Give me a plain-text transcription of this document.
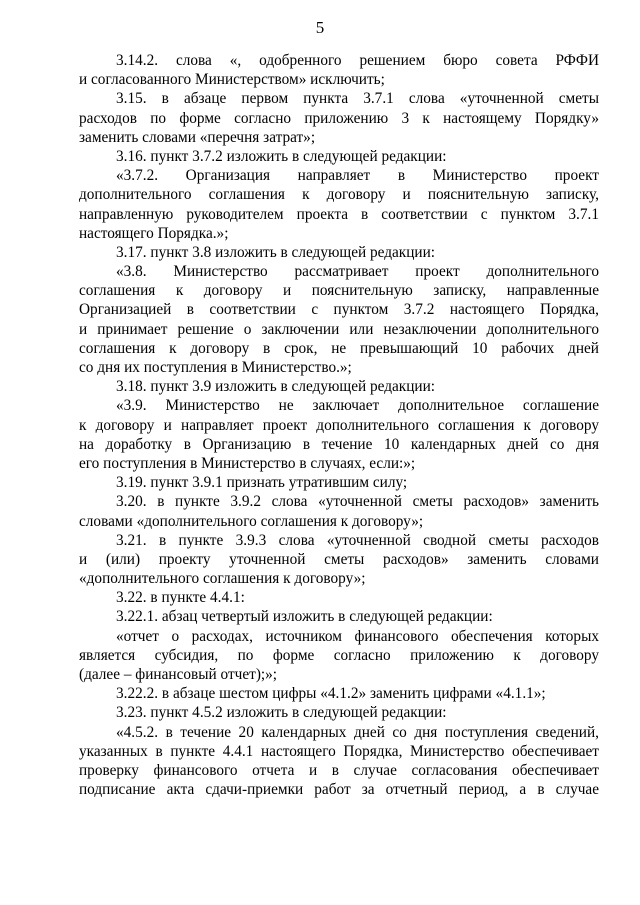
5
3.14.2. слова «, одобренного решением бюро совета РФФИ
и согласованного Министерством» исключить;
3.15. в абзаце первом пункта 3.7.1 слова «уточненной сметы
расходов по форме согласно приложению 3 к настоящему Порядку»
заменить словами «перечня затрат»;
3.16. пункт 3.7.2 изложить в следующей редакции:
«3.7.2. Организация направляет в Министерство проект
дополнительного соглашения к договору и пояснительную записку,
направленную руководителем проекта в соответствии с пунктом 3.7.1
настоящего Порядка.»;
3.17. пункт 3.8 изложить в следующей редакции:
«3.8. Министерство рассматривает проект дополнительного
соглашения к договору и пояснительную записку, направленные
Организацией в соответствии с пунктом 3.7.2 настоящего Порядка,
и принимает решение о заключении или незаключении дополнительного
соглашения к договору в срок, не превышающий 10 рабочих дней
со дня их поступления в Министерство.»;
3.18. пункт 3.9 изложить в следующей редакции:
«3.9. Министерство не заключает дополнительное соглашение
к договору и направляет проект дополнительного соглашения к договору
на доработку в Организацию в течение 10 календарных дней со дня
его поступления в Министерство в случаях, если:»;
3.19. пункт 3.9.1 признать утратившим силу;
3.20. в пункте 3.9.2 слова «уточненной сметы расходов» заменить
словами «дополнительного соглашения к договору»;
3.21. в пункте 3.9.3 слова «уточненной сводной сметы расходов
и (или) проекту уточненной сметы расходов» заменить словами
«дополнительного соглашения к договору»;
3.22. в пункте 4.4.1:
3.22.1. абзац четвертый изложить в следующей редакции:
«отчет о расходах, источником финансового обеспечения которых
является субсидия, по форме согласно приложению к договору
(далее – финансовый отчет);»;
3.22.2. в абзаце шестом цифры «4.1.2» заменить цифрами «4.1.1»;
3.23. пункт 4.5.2 изложить в следующей редакции:
«4.5.2. в течение 20 календарных дней со дня поступления сведений,
указанных в пункте 4.4.1 настоящего Порядка, Министерство обеспечивает
проверку финансового отчета и в случае согласования обеспечивает
подписание акта сдачи-приемки работ за отчетный период, а в случае
